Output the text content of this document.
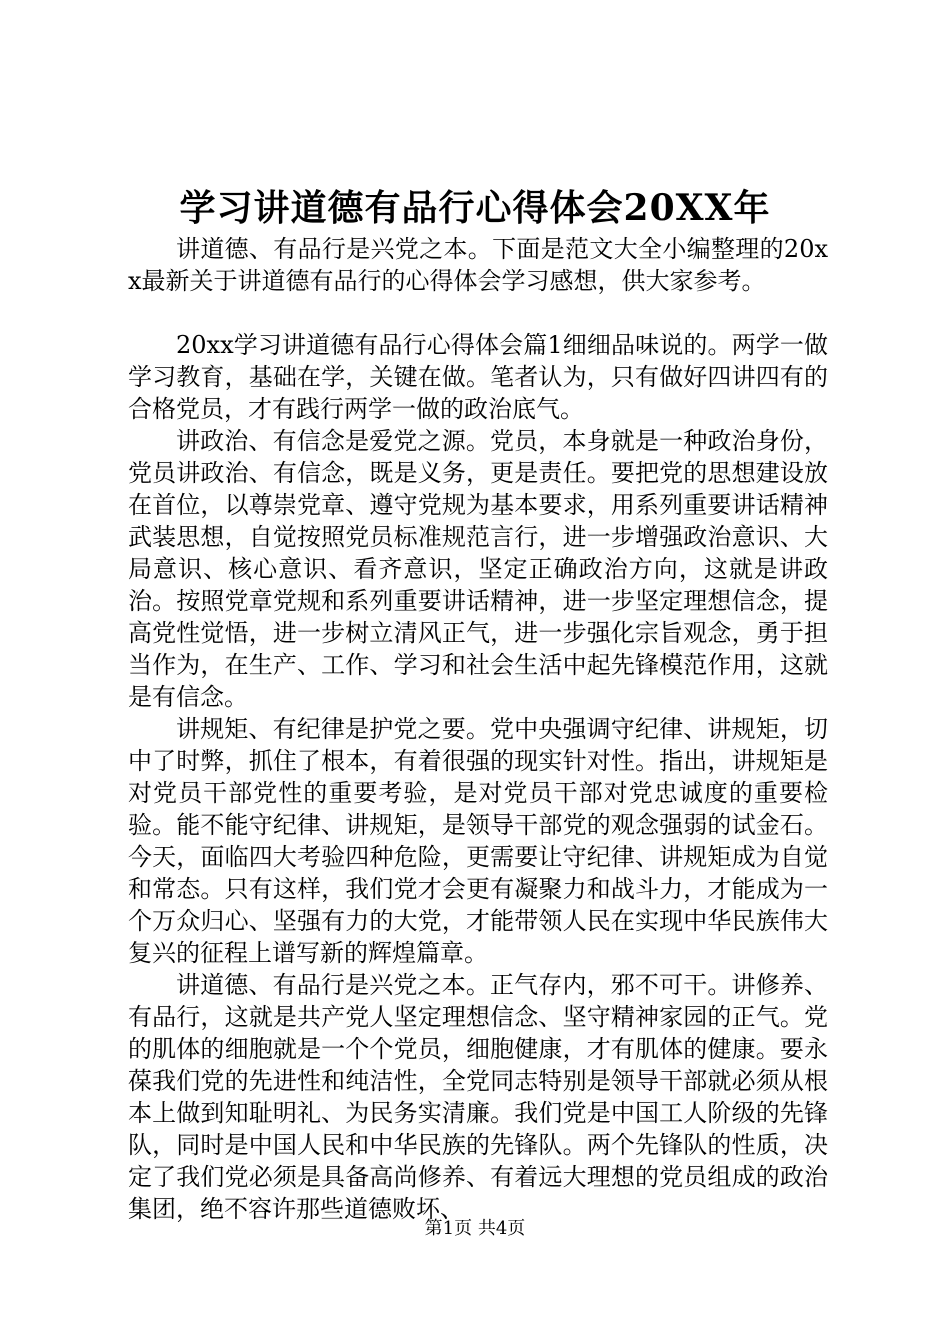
学习讲道德有品行心得体会20XX年

讲道德、有品行是兴党之本。下面是范文大全小编整理的20xx最新关于讲道德有品行的心得体会学习感想，供大家参考。

20xx学习讲道德有品行心得体会篇1细细品味说的。两学一做学习教育，基础在学，关键在做。笔者认为，只有做好四讲四有的合格党员，才有践行两学一做的政治底气。

讲政治、有信念是爱党之源。党员，本身就是一种政治身份，党员讲政治、有信念，既是义务，更是责任。要把党的思想建设放在首位，以尊崇党章、遵守党规为基本要求，用系列重要讲话精神武装思想，自觉按照党员标准规范言行，进一步增强政治意识、大局意识、核心意识、看齐意识，坚定正确政治方向，这就是讲政治。按照党章党规和系列重要讲话精神，进一步坚定理想信念，提高党性觉悟，进一步树立清风正气，进一步强化宗旨观念，勇于担当作为，在生产、工作、学习和社会生活中起先锋模范作用，这就是有信念。

讲规矩、有纪律是护党之要。党中央强调守纪律、讲规矩，切中了时弊，抓住了根本，有着很强的现实针对性。指出，讲规矩是对党员干部党性的重要考验，是对党员干部对党忠诚度的重要检验。能不能守纪律、讲规矩，是领导干部党的观念强弱的试金石。今天，面临四大考验四种危险，更需要让守纪律、讲规矩成为自觉和常态。只有这样，我们党才会更有凝聚力和战斗力，才能成为一个万众归心、坚强有力的大党，才能带领人民在实现中华民族伟大复兴的征程上谱写新的辉煌篇章。

讲道德、有品行是兴党之本。正气存内，邪不可干。讲修养、有品行，这就是共产党人坚定理想信念、坚守精神家园的正气。党的肌体的细胞就是一个个党员，细胞健康，才有肌体的健康。要永葆我们党的先进性和纯洁性，全党同志特别是领导干部就必须从根本上做到知耻明礼、为民务实清廉。我们党是中国工人阶级的先锋队，同时是中国人民和中华民族的先锋队。两个先锋队的性质，决定了我们党必须是具备高尚修养、有着远大理想的党员组成的政治集团，绝不容许那些道德败坏、

第1页 共4页
